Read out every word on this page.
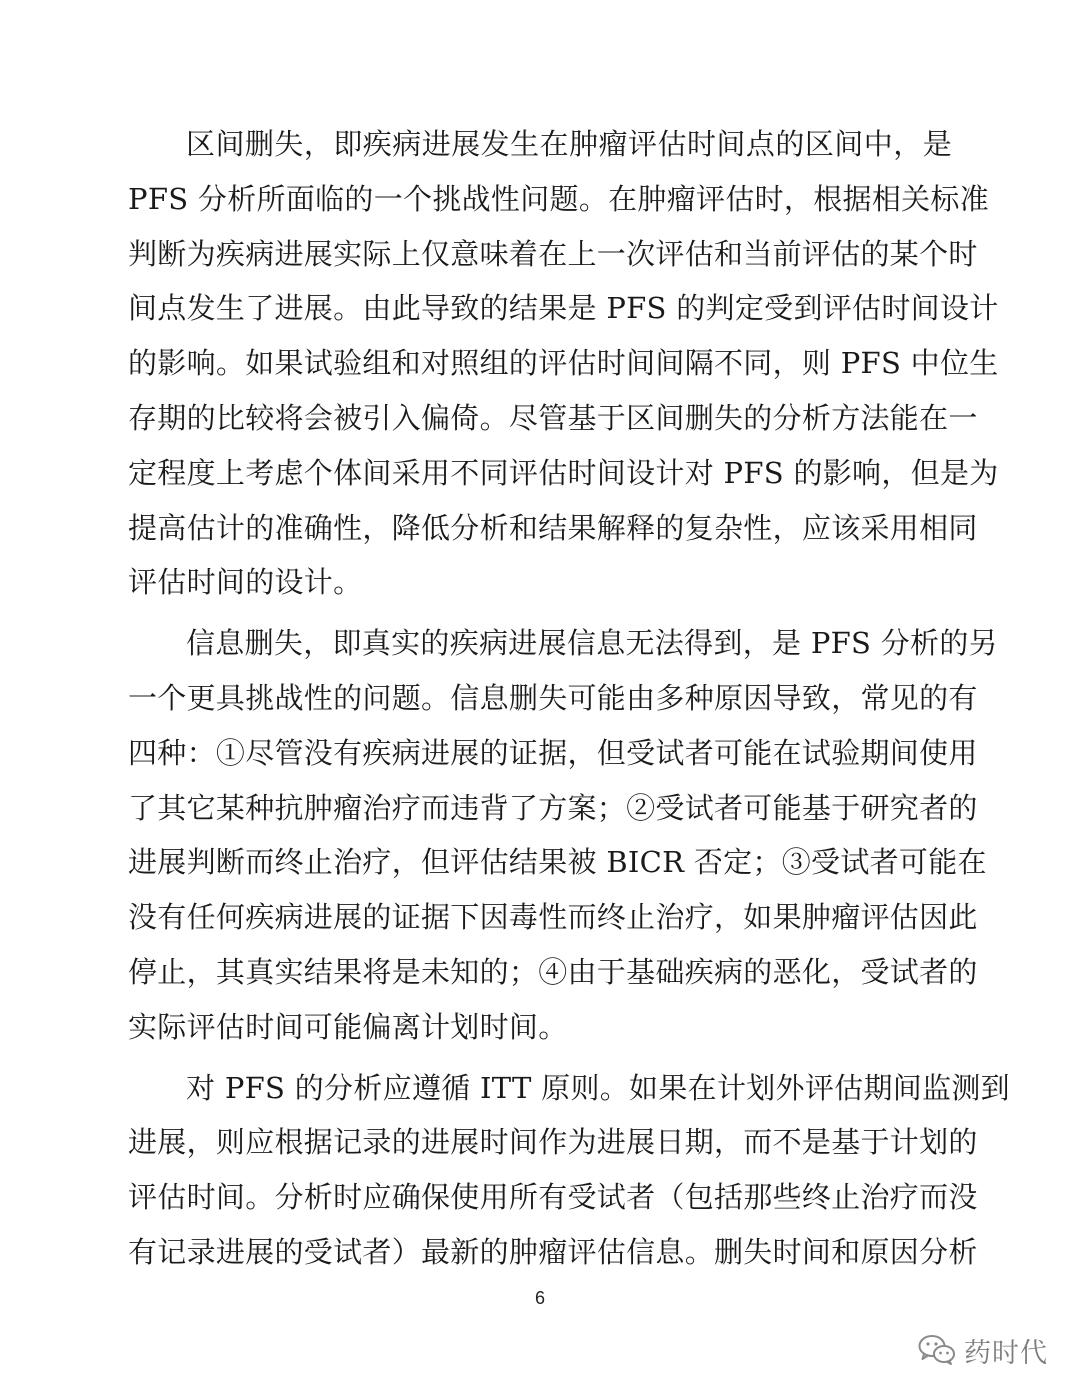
区间删失，即疾病进展发生在肿瘤评估时间点的区间中，是
PFS 分析所面临的一个挑战性问题。在肿瘤评估时，根据相关标准
判断为疾病进展实际上仅意味着在上一次评估和当前评估的某个时
间点发生了进展。由此导致的结果是 PFS 的判定受到评估时间设计
的影响。如果试验组和对照组的评估时间间隔不同，则 PFS 中位生
存期的比较将会被引入偏倚。尽管基于区间删失的分析方法能在一
定程度上考虑个体间采用不同评估时间设计对 PFS 的影响，但是为
提高估计的准确性，降低分析和结果解释的复杂性，应该采用相同
评估时间的设计。

信息删失，即真实的疾病进展信息无法得到，是 PFS 分析的另
一个更具挑战性的问题。信息删失可能由多种原因导致，常见的有
四种：①尽管没有疾病进展的证据，但受试者可能在试验期间使用
了其它某种抗肿瘤治疗而违背了方案；②受试者可能基于研究者的
进展判断而终止治疗，但评估结果被 BICR 否定；③受试者可能在
没有任何疾病进展的证据下因毒性而终止治疗，如果肿瘤评估因此
停止，其真实结果将是未知的；④由于基础疾病的恶化，受试者的
实际评估时间可能偏离计划时间。

对 PFS 的分析应遵循 ITT 原则。如果在计划外评估期间监测到
进展，则应根据记录的进展时间作为进展日期，而不是基于计划的
评估时间。分析时应确保使用所有受试者（包括那些终止治疗而没
有记录进展的受试者）最新的肿瘤评估信息。删失时间和原因分析

6
药时代
